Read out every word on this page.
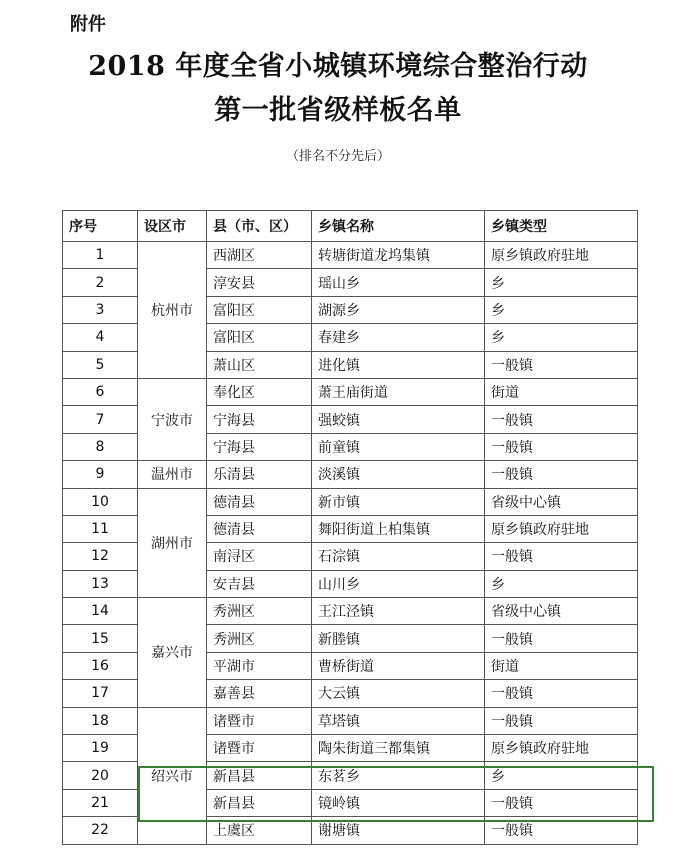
附件
2018 年度全省小城镇环境综合整治行动
第一批省级样板名单
（排名不分先后）
序号	设区市	县（市、区）	乡镇名称	乡镇类型
1	杭州市	西湖区	转塘街道龙坞集镇	原乡镇政府驻地
2		淳安县	瑶山乡	乡
3		富阳区	湖源乡	乡
4		富阳区	春建乡	乡
5		萧山区	进化镇	一般镇
6	宁波市	奉化区	萧王庙街道	街道
7		宁海县	强蛟镇	一般镇
8		宁海县	前童镇	一般镇
9	温州市	乐清县	淡溪镇	一般镇
10	湖州市	德清县	新市镇	省级中心镇
11		德清县	舞阳街道上柏集镇	原乡镇政府驻地
12		南浔区	石淙镇	一般镇
13		安吉县	山川乡	乡
14	嘉兴市	秀洲区	王江泾镇	省级中心镇
15		秀洲区	新塍镇	一般镇
16		平湖市	曹桥街道	街道
17		嘉善县	大云镇	一般镇
18	绍兴市	诸暨市	草塔镇	一般镇
19		诸暨市	陶朱街道三都集镇	原乡镇政府驻地
20		新昌县	东茗乡	乡
21		新昌县	镜岭镇	一般镇
22		上虞区	谢塘镇	一般镇
